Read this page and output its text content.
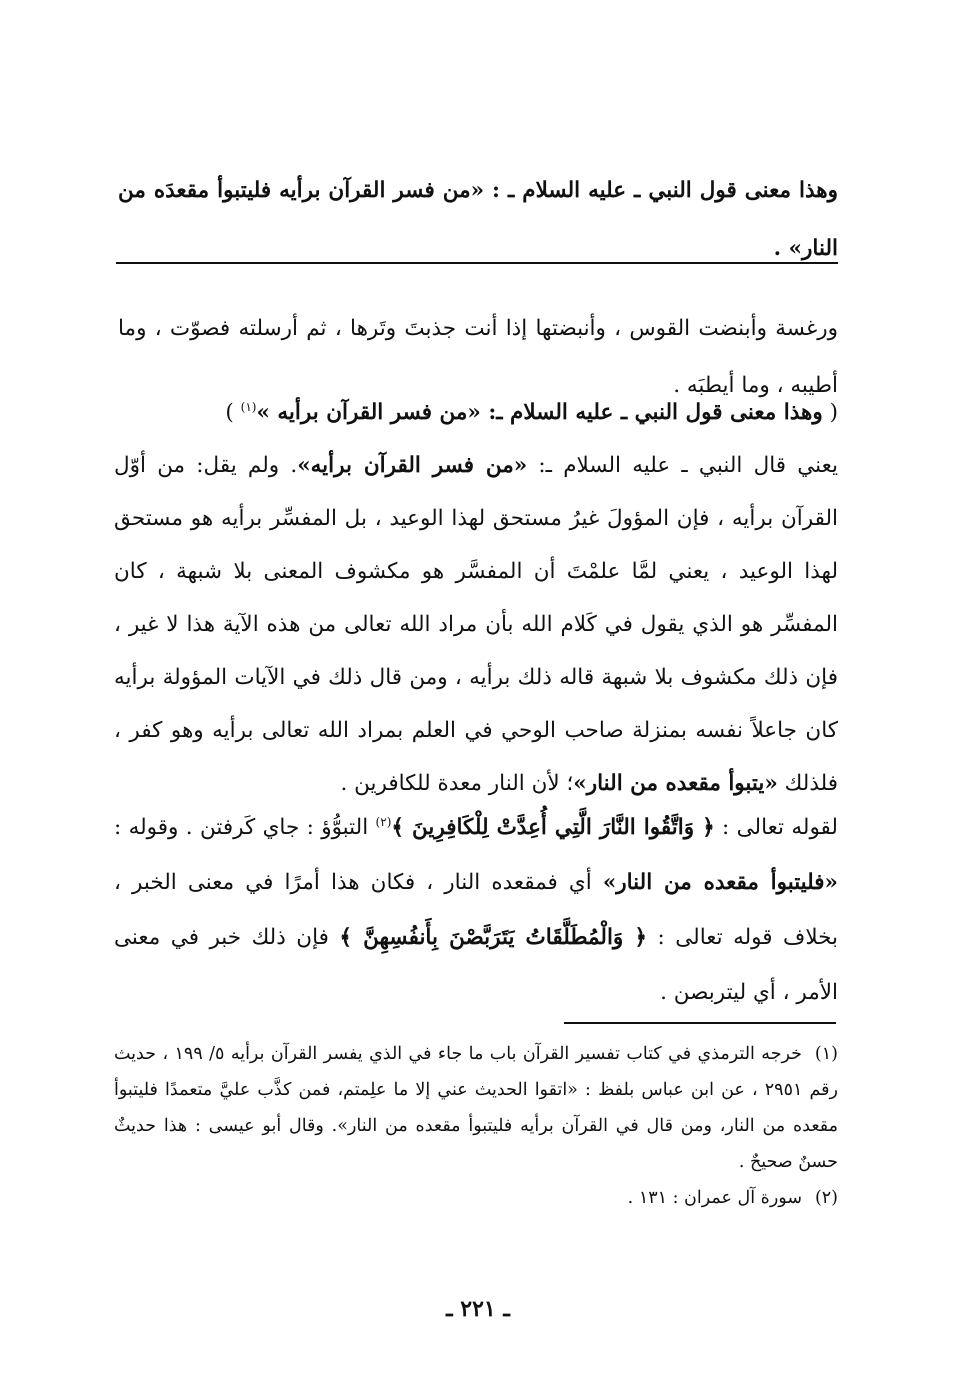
وهذا معنى قول النبي ـ عليه السلام ـ : «من فسر القرآن برأيه فليتبوأ مقعدَه من النار» .

ورغسة وأبنضت القوس ، وأنبضتها إذا أنت جذبتَ وتَرها ، ثم أرسلته فصوّت ، وما أطيبه ، وما أيطبَه .

( وهذا معنى قول النبي ـ عليه السلام ـ: «من فسر القرآن برأيه »$^{(١)}$ )
يعني قال النبي ـ عليه السلام ـ: «من فسر القرآن برأيه». ولم يقل: من أوّل القرآن برأيه ، فإن المؤولَ غيرُ مستحق لهذا الوعيد ، بل المفسِّر برأيه هو مستحق لهذا الوعيد ، يعني لمَّا علمْتَ أن المفسَّر هو مكشوف المعنى بلا شبهة ، كان المفسِّر هو الذي يقول في كَلام الله بأن مراد الله تعالى من هذه الآية هذا لا غير ، فإن ذلك مكشوف بلا شبهة قاله ذلك برأيه ، ومن قال ذلك في الآيات المؤولة برأيه كان جاعلاً نفسه بمنزلة صاحب الوحي في العلم بمراد الله تعالى برأيه وهو كفر ، فلذلك «يتبوأ مقعده من النار»؛ لأن النار معدة للكافرين .
لقوله تعالى : ﴿ وَاتَّقُوا النَّارَ الَّتِي أُعِدَّتْ لِلْكَافِرِينَ ﴾$^{(٢)}$ التبوُّؤ : جاي كَرفتن . وقوله : «فليتبوأ مقعده من النار» أي فمقعده النار ، فكان هذا أمرًا في معنى الخبر ، بخلاف قوله تعالى : ﴿ وَالْمُطَلَّقَاتُ يَتَرَبَّصْنَ بِأَنفُسِهِنَّ ﴾ فإن ذلك خبر في معنى الأمر ، أي ليتربصن .

(١)خرجه الترمذي في كتاب تفسير القرآن باب ما جاء في الذي يفسر القرآن برأيه ٥/ ١٩٩ ، حديث رقم ٢٩٥١ ، عن ابن عباس بلفظ : «اتقوا الحديث عني إلا ما علِمتم، فمن كذَّب عليَّ متعمدًا فليتبوأ مقعده من النار، ومن قال في القرآن برأيه فليتبوأ مقعده من النار». وقال أبو عيسى : هذا حديثٌ حسنٌ صحيحٌ .

(٢)سورة آل عمران : ١٣١ .

ـ ٢٢١ ـ
